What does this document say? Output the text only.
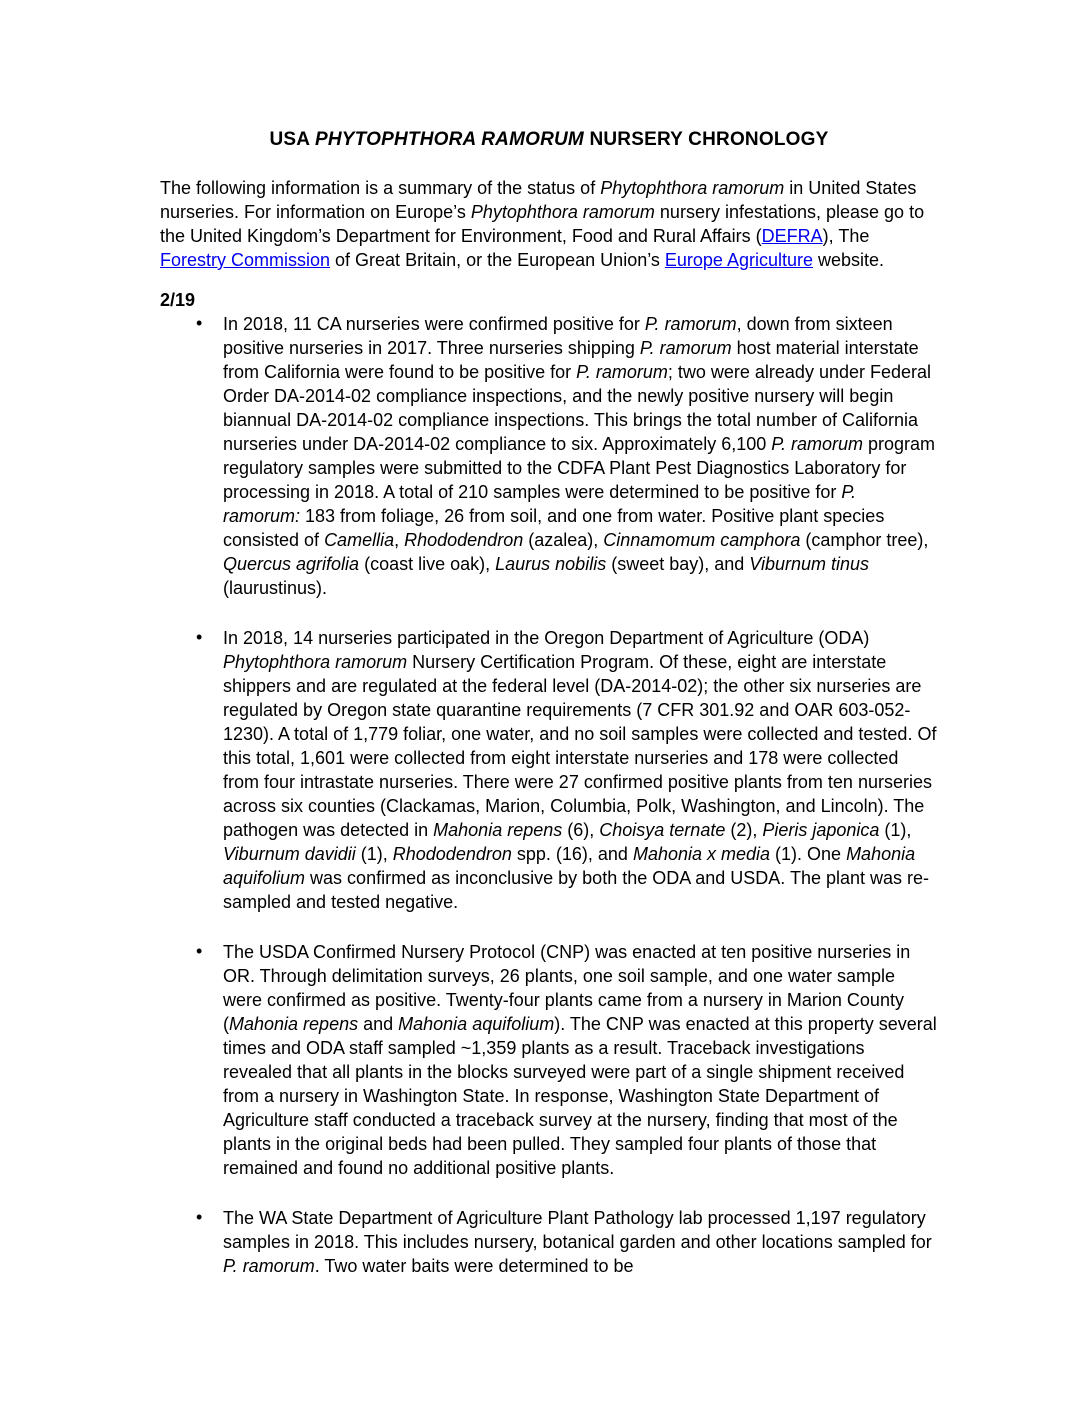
USA PHYTOPHTHORA RAMORUM NURSERY CHRONOLOGY

The following information is a summary of the status of Phytophthora ramorum in United States nurseries. For information on Europe’s Phytophthora ramorum nursery infestations, please go to the United Kingdom’s Department for Environment, Food and Rural Affairs (DEFRA), The Forestry Commission of Great Britain, or the European Union’s Europe Agriculture website.

2/19
• In 2018, 11 CA nurseries were confirmed positive for P. ramorum, down from sixteen positive nurseries in 2017. Three nurseries shipping P. ramorum host material interstate from California were found to be positive for P. ramorum; two were already under Federal Order DA-2014-02 compliance inspections, and the newly positive nursery will begin biannual DA-2014-02 compliance inspections. This brings the total number of California nurseries under DA-2014-02 compliance to six. Approximately 6,100 P. ramorum program regulatory samples were submitted to the CDFA Plant Pest Diagnostics Laboratory for processing in 2018. A total of 210 samples were determined to be positive for P. ramorum: 183 from foliage, 26 from soil, and one from water. Positive plant species consisted of Camellia, Rhododendron (azalea), Cinnamomum camphora (camphor tree), Quercus agrifolia (coast live oak), Laurus nobilis (sweet bay), and Viburnum tinus (laurustinus).
• In 2018, 14 nurseries participated in the Oregon Department of Agriculture (ODA) Phytophthora ramorum Nursery Certification Program. Of these, eight are interstate shippers and are regulated at the federal level (DA-2014-02); the other six nurseries are regulated by Oregon state quarantine requirements (7 CFR 301.92 and OAR 603-052-1230). A total of 1,779 foliar, one water, and no soil samples were collected and tested. Of this total, 1,601 were collected from eight interstate nurseries and 178 were collected from four intrastate nurseries. There were 27 confirmed positive plants from ten nurseries across six counties (Clackamas, Marion, Columbia, Polk, Washington, and Lincoln). The pathogen was detected in Mahonia repens (6), Choisya ternate (2), Pieris japonica (1), Viburnum davidii (1), Rhododendron spp. (16), and Mahonia x media (1). One Mahonia aquifolium was confirmed as inconclusive by both the ODA and USDA. The plant was re-sampled and tested negative.
• The USDA Confirmed Nursery Protocol (CNP) was enacted at ten positive nurseries in OR. Through delimitation surveys, 26 plants, one soil sample, and one water sample were confirmed as positive. Twenty-four plants came from a nursery in Marion County (Mahonia repens and Mahonia aquifolium). The CNP was enacted at this property several times and ODA staff sampled ~1,359 plants as a result. Traceback investigations revealed that all plants in the blocks surveyed were part of a single shipment received from a nursery in Washington State. In response, Washington State Department of Agriculture staff conducted a traceback survey at the nursery, finding that most of the plants in the original beds had been pulled. They sampled four plants of those that remained and found no additional positive plants.
• The WA State Department of Agriculture Plant Pathology lab processed 1,197 regulatory samples in 2018. This includes nursery, botanical garden and other locations sampled for P. ramorum. Two water baits were determined to be
